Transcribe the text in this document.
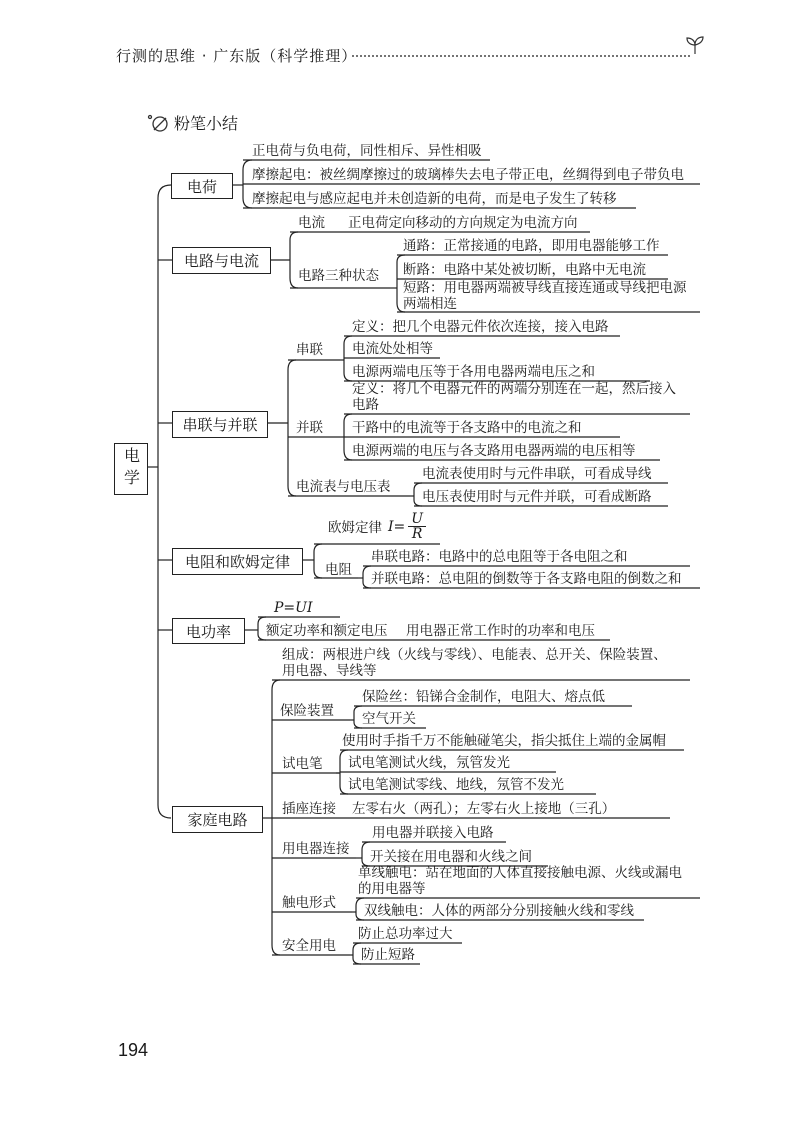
行测的思维 · 广东版（科学推理）
粉笔小结
电学
电荷
正电荷与负电荷，同性相斥、异性相吸
摩擦起电：被丝绸摩擦过的玻璃棒失去电子带正电，丝绸得到电子带负电
摩擦起电与感应起电并未创造新的电荷，而是电子发生了转移
电路与电流
电流 正电荷定向移动的方向规定为电流方向
电路三种状态
通路：正常接通的电路，即用电器能够工作
断路：电路中某处被切断，电路中无电流
短路：用电器两端被导线直接连通或导线把电源
两端相连
串联与并联
串联
定义：把几个电器元件依次连接，接入电路
电流处处相等
电源两端电压等于各用电器两端电压之和
并联
定义：将几个电器元件的两端分别连在一起，然后接入
电路
干路中的电流等于各支路中的电流之和
电源两端的电压与各支路用电器两端的电压相等
电流表与电压表
电流表使用时与元件串联，可看成导线
电压表使用时与元件并联，可看成断路
电阻和欧姆定律
欧姆定律 $I= \frac{U}{R}$
电阻
串联电路：电路中的总电阻等于各电阻之和
并联电路：总电阻的倒数等于各支路电阻的倒数之和
电功率
P=UI
额定功率和额定电压 用电器正常工作时的功率和电压
家庭电路
组成：两根进户线（火线与零线）、电能表、总开关、保险装置、
用电器、导线等
保险装置
保险丝：铅锑合金制作，电阻大、熔点低
空气开关
试电笔
使用时手指千万不能触碰笔尖，指尖抵住上端的金属帽
试电笔测试火线，氖管发光
试电笔测试零线、地线，氖管不发光
插座连接 左零右火（两孔）；左零右火上接地（三孔）
用电器连接
用电器并联接入电路
开关接在用电器和火线之间
触电形式
单线触电：站在地面的人体直接接触电源、火线或漏电
的用电器等
双线触电：人体的两部分分别接触火线和零线
安全用电
防止总功率过大
防止短路
194
